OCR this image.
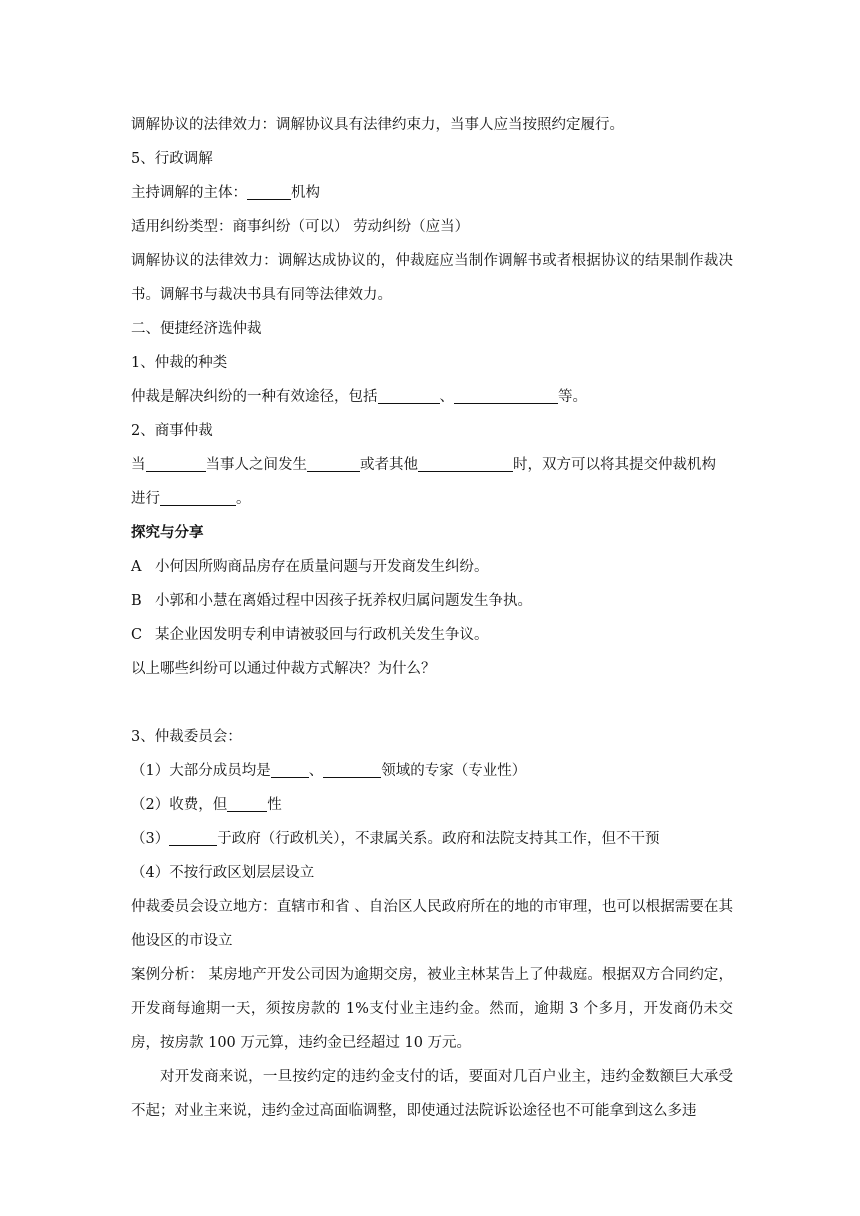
调解协议的法律效力：调解协议具有法律约束力，当事人应当按照约定履行。

5、行政调解

主持调解的主体：	机构

适用纠纷类型：商事纠纷（可以） 劳动纠纷（应当）

调解协议的法律效力：调解达成协议的，仲裁庭应当制作调解书或者根据协议的结果制作裁决书。调解书与裁决书具有同等法律效力。

二、便捷经济选仲裁

1、仲裁的种类

仲裁是解决纠纷的一种有效途径，包括	、	等。

2、商事仲裁

当	当事人之间发生	或者其他	时，双方可以将其提交仲裁机构

进行	。

探究与分享

A 小何因所购商品房存在质量问题与开发商发生纠纷。

B 小郭和小慧在离婚过程中因孩子抚养权归属问题发生争执。

C 某企业因发明专利申请被驳回与行政机关发生争议。

以上哪些纠纷可以通过仲裁方式解决？为什么？

3、仲裁委员会：

（1）大部分成员均是	、	领域的专家（专业性）

（2）收费，但	性

（3）	于政府（行政机关），不隶属关系。政府和法院支持其工作，但不干预

（4）不按行政区划层层设立

仲裁委员会设立地方：直辖市和省 、自治区人民政府所在的地的市审理，也可以根据需要在其他设区的市设立

案例分析： 某房地产开发公司因为逾期交房，被业主林某告上了仲裁庭。根据双方合同约定，开发商每逾期一天，须按房款的 1%支付业主违约金。然而，逾期 3 个多月，开发商仍未交房，按房款 100 万元算，违约金已经超过 10 万元。

对开发商来说，一旦按约定的违约金支付的话，要面对几百户业主，违约金数额巨大承受不起；对业主来说，违约金过高面临调整，即使通过法院诉讼途径也不可能拿到这么多违
